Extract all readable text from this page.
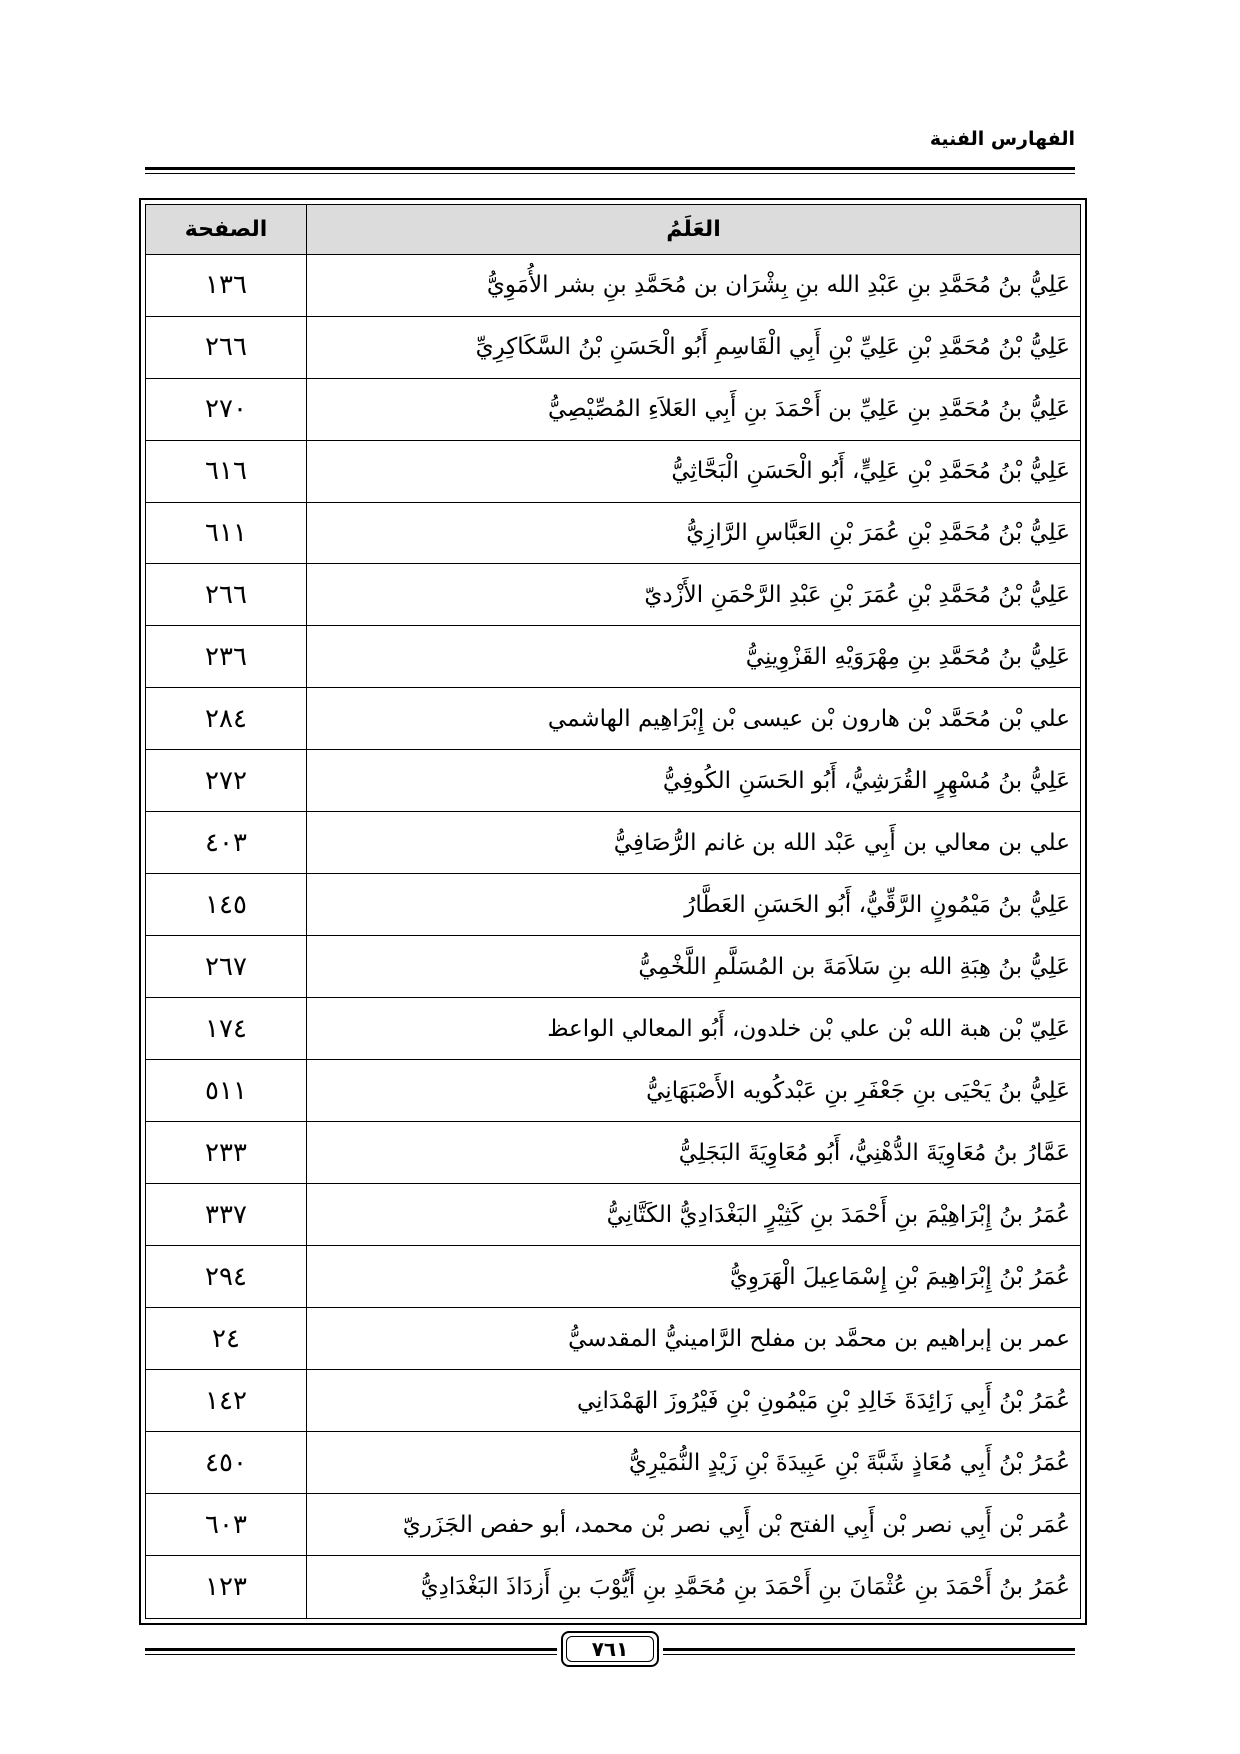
الفهارس الفنية
العَلَمُ
الصفحة
عَلِيُّ بنُ مُحَمَّدِ بنِ عَبْدِ الله بنِ بِشْرَان بن مُحَمَّدِ بنِ بشر الأُمَوِيُّ
١٣٦
عَلِيُّ بْنُ مُحَمَّدِ بْنِ عَلِيِّ بْنِ أَبِي الْقَاسِمِ أَبُو الْحَسَنِ بْنُ السَّكَاكِرِيِّ
٢٦٦
عَلِيُّ بنُ مُحَمَّدِ بنِ عَلِيِّ بن أَحْمَدَ بنِ أَبِي العَلاَءِ المُصِّيْصِيُّ
٢٧٠
عَلِيُّ بْنُ مُحَمَّدِ بْنِ عَلِيٍّ، أَبُو الْحَسَنِ الْبَحَّاثِيُّ
٦١٦
عَلِيُّ بْنُ مُحَمَّدِ بْنِ عُمَرَ بْنِ العَبَّاسِ الرَّازِيُّ
٦١١
عَلِيُّ بْنُ مُحَمَّدِ بْنِ عُمَرَ بْنِ عَبْدِ الرَّحْمَنِ الأَزْديّ
٢٦٦
عَلِيُّ بنُ مُحَمَّدِ بنِ مِهْرَوَيْهِ القَزْوِينِيُّ
٢٣٦
علي بْن مُحَمَّد بْن هارون بْن عيسى بْن إِبْرَاهِيم الهاشمي
٢٨٤
عَلِيُّ بنُ مُسْهِرٍ القُرَشِيُّ، أَبُو الحَسَنِ الكُوفِيُّ
٢٧٢
علي بن معالي بن أَبِي عَبْد الله بن غانم الرُّصَافِيُّ
٤٠٣
عَلِيُّ بنُ مَيْمُونٍ الرَّقِّيُّ، أَبُو الحَسَنِ العَطَّارُ
١٤٥
عَلِيُّ بنُ هِبَةِ الله بنِ سَلاَمَةَ بن المُسَلَّمِ اللَّخْمِيُّ
٢٦٧
عَلِيّ بْن هبة الله بْن علي بْن خلدون، أَبُو المعالي الواعظ
١٧٤
عَلِيُّ بنُ يَحْيَى بنِ جَعْفَرِ بنِ عَبْدكُويه الأَصْبَهَانِيُّ
٥١١
عَمَّارُ بنُ مُعَاوِيَةَ الدُّهْنِيُّ، أَبُو مُعَاوِيَةَ البَجَلِيُّ
٢٣٣
عُمَرُ بنُ إِبْرَاهِيْمَ بنِ أَحْمَدَ بنِ كَثِيْرٍ البَغْدَادِيُّ الكَتَّانِيُّ
٣٣٧
عُمَرُ بْنُ إِبْرَاهِيمَ بْنِ إِسْمَاعِيلَ الْهَرَوِيُّ
٢٩٤
عمر بن إبراهيم بن محمَّد بن مفلح الرَّامينيُّ المقدسيُّ
٢٤
عُمَرُ بْنُ أَبِي زَائِدَةَ خَالِدِ بْنِ مَيْمُونِ بْنِ فَيْرُوزَ الهَمْدَانِي
١٤٢
عُمَرُ بْنُ أَبِي مُعَاذٍ شَبَّةَ بْنِ عَبِيدَةَ بْنِ زَيْدٍ النُّمَيْرِيُّ
٤٥٠
عُمَر بْن أَبِي نصر بْن أَبِي الفتح بْن أَبِي نصر بْن محمد، أبو حفص الجَزَريّ
٦٠٣
عُمَرُ بنُ أَحْمَدَ بنِ عُثْمَانَ بنِ أَحْمَدَ بنِ مُحَمَّدِ بنِ أَيُّوْبَ بنِ أَزدَاذَ البَغْدَادِيُّ
١٢٣
٧٦١
